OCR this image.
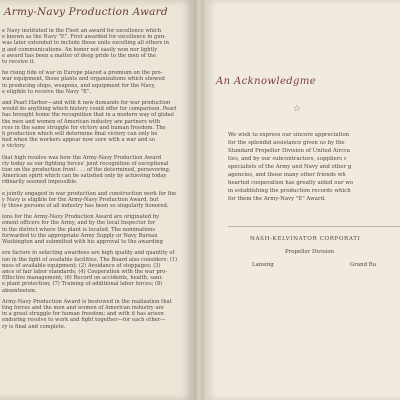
Army-Navy Production Award
e Navy instituted in the Fleet an award for excellence which
e known as the Navy "E". First awarded for excellence in gun-
was later extended to include those units excelling all others in
g and communications. An honor not easily won nor lightly
e award has been a matter of deep pride to the men of the
to receive it.
he rising tide of war in Europe placed a premium on the pro-
war equipment, those plants and organizations which showed
in producing ships, weapons, and equipment for the Navy,
e eligible to receive the Navy "E".
and Pearl Harbor—and with it new demands for war production
would do anything which history could offer for comparison. Pearl
has brought home the recognition that in a modern way of global
the men and women of American industry are partners with
rces in the same struggle for victory and human freedom. The
h production which will determine final victory can only be
hed when the workers appear now sure with a war and so
e victory.
that high resolve was how the Army-Navy Production Award
rly today as our fighting forces' joint recognition of exceptional
tion on the production front . . . of the determined, persevering,
American spirit which can be satisfied only by achieving today
rdinarily seemed impossible.
e jointly engaged in war production and construction work for the
y Navy is eligible for the Army-Navy Production Award, but
ly those persons of all industry has been so singularly honored.
ions for the Army-Navy Production Award are originated by
ement officers for the Army, and by the local Inspector for
in the district where the plant is located. The nominations
forwarded to the appropriate Army Supply or Navy Bureau
Washington and submitted with his approval to the awarding
ere factors in selecting awardees are high quality and quantity of
ion in the light of available facilities. The Board also considers: (1)
ness of available equipment; (2) Avoidance of stoppages; (3)
ance of fair labor standards; (4) Cooperation with the war pro-
Effective management; (6) Record on accidents, health, sani-
e plant protection; (7) Training of additional labor forces; (8)
absenteeism.
Army-Navy Production Award is bestowed in the realization that
ting forces and the men and women of American industry are
in a great struggle for human freedom; and with it has arisen
enduring resolve to work and fight together—for each other—
ry is final and complete.
An Acknowledgme
☆
We wish to express our sincere appreciation
for the splendid assistance given us by the
Standard Propeller Division of United Aircra
ties, and by our subcontractors, suppliers c
specialists of the Army and Navy and other g
agencies, and those many other friends wh
hearted cooperation has greatly aided our wo
in establishing the production records which
for them the Army-Navy "E" Award.
NASH-KELVINATOR CORPORATI
Propeller Division
Lansing	Grand Ra
